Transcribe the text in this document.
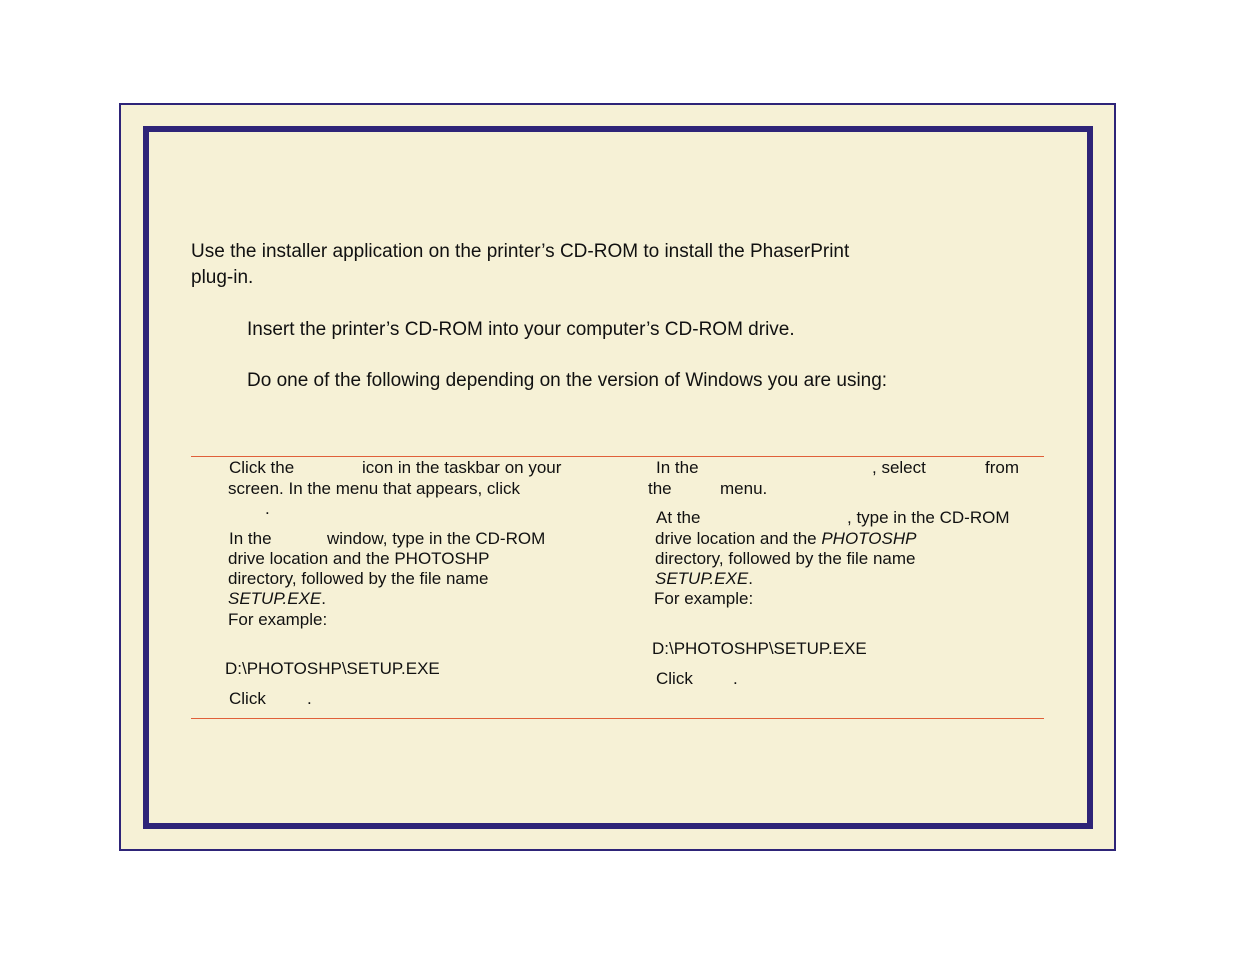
Use the installer application on the printer’s CD-ROM to install the PhaserPrint
plug-in.
Insert the printer’s CD-ROM into your computer’s CD-ROM drive.
Do one of the following depending on the version of Windows you are using:
Click the	icon in the taskbar on your
screen. In the menu that appears, click
.
In the	window, type in the CD-ROM
drive location and the PHOTOSHP
directory, followed by the file name
SETUP.EXE.
For example:
D:\PHOTOSHP\SETUP.EXE
Click .
In the	, select	from
the	menu.
At the	, type in the CD-ROM
drive location and the PHOTOSHP
directory, followed by the file name
SETUP.EXE.
For example:
D:\PHOTOSHP\SETUP.EXE
Click .
